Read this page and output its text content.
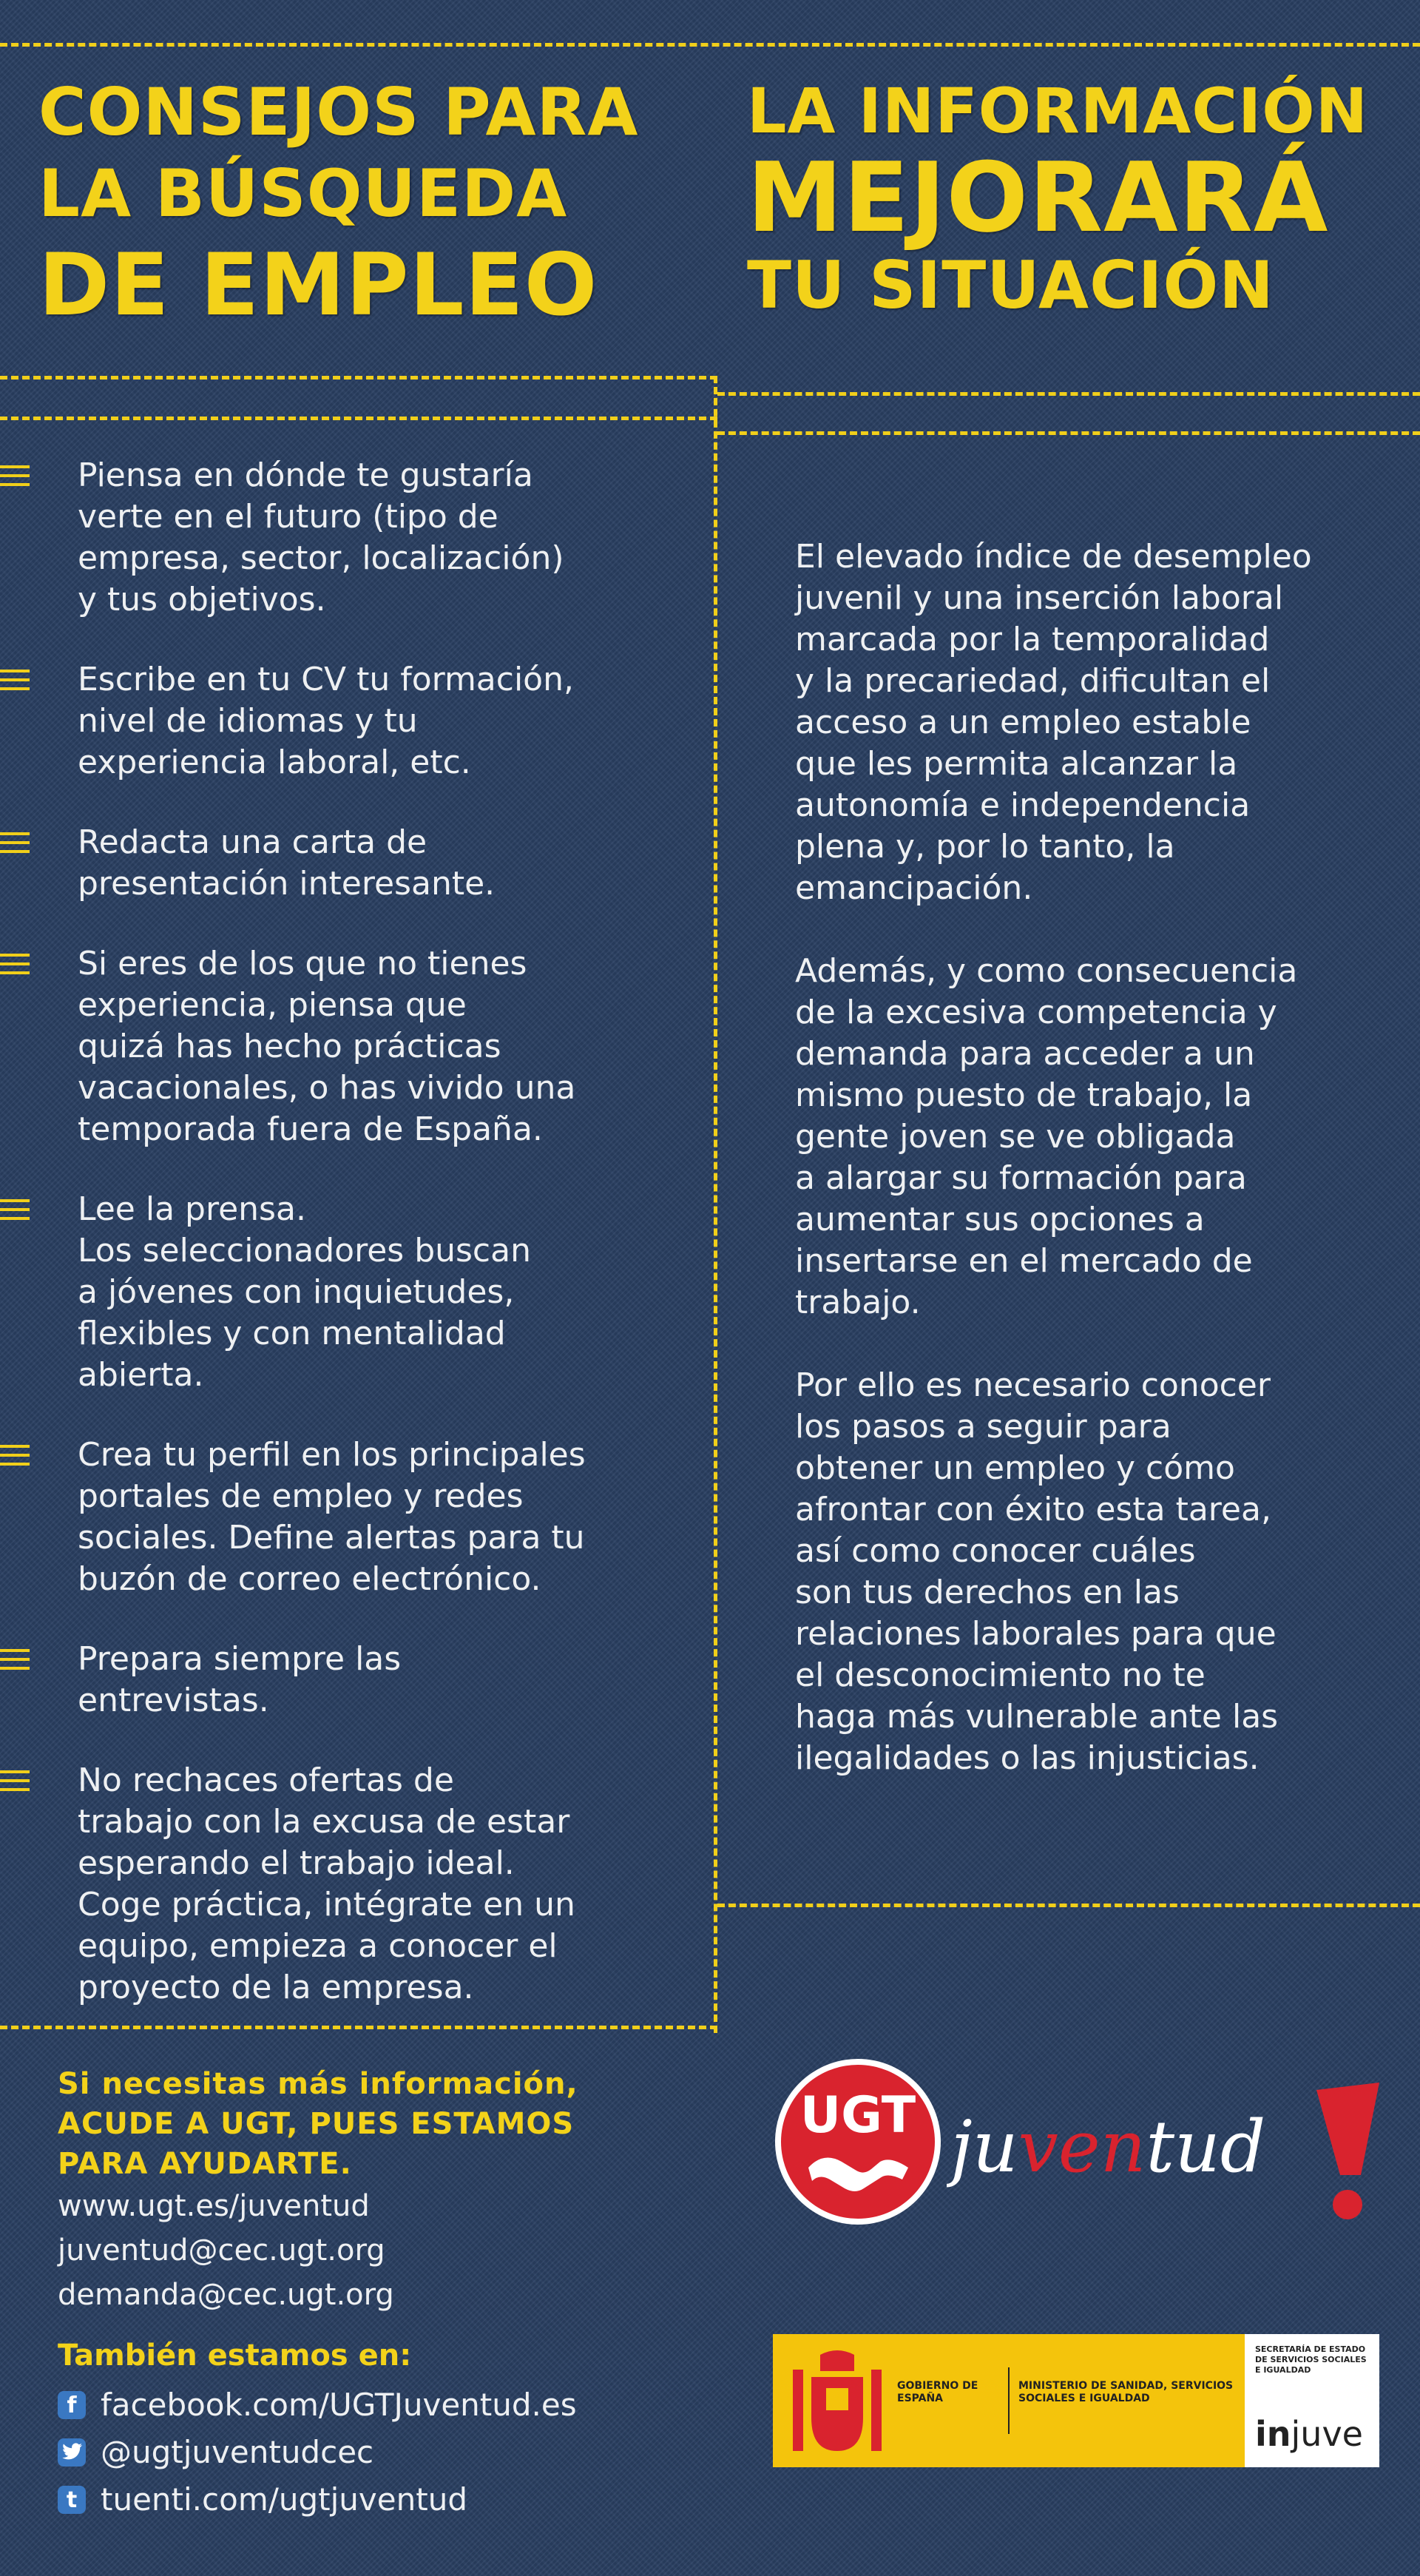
CONSEJOS PARA
LA BÚSQUEDA
DE EMPLEO
LA INFORMACIÓN
MEJORARÁ
TU SITUACIÓN

Piensa en dónde te gustaría
verte en el futuro (tipo de
empresa, sector, localización)
y tus objetivos.

Escribe en tu CV tu formación,
nivel de idiomas y tu
experiencia laboral, etc.

Redacta una carta de
presentación interesante.

Si eres de los que no tienes
experiencia, piensa que
quizá has hecho prácticas
vacacionales, o has vivido una
temporada fuera de España.

Lee la prensa.
Los seleccionadores buscan
a jóvenes con inquietudes,
flexibles y con mentalidad
abierta.

Crea tu perfil en los principales
portales de empleo y redes
sociales. Define alertas para tu
buzón de correo electrónico.

Prepara siempre las
entrevistas.

No rechaces ofertas de
trabajo con la excusa de estar
esperando el trabajo ideal.
Coge práctica, intégrate en un
equipo, empieza a conocer el
proyecto de la empresa.

El elevado índice de desempleo
juvenil y una inserción laboral
marcada por la temporalidad
y la precariedad, dificultan el
acceso a un empleo estable
que les permita alcanzar la
autonomía e independencia
plena y, por lo tanto, la
emancipación.

Además, y como consecuencia
de la excesiva competencia y
demanda para acceder a un
mismo puesto de trabajo, la
gente joven se ve obligada
a alargar su formación para
aumentar sus opciones a
insertarse en el mercado de
trabajo.

Por ello es necesario conocer
los pasos a seguir para
obtener un empleo y cómo
afrontar con éxito esta tarea,
así como conocer cuáles
son tus derechos en las
relaciones laborales para que
el desconocimiento no te
haga más vulnerable ante las
ilegalidades o las injusticias.

Si necesitas más información,

ACUDE A UGT, PUES ESTAMOS

PARA AYUDARTE.

www.ugt.es/juventud

juventud@cec.ugt.org

demanda@cec.ugt.org

También estamos en:

f facebook.com/UGTJuventud.es
@ugtjuventudcec
t tuenti.com/ugtjuventud
UGT juventud
GOBIERNO DE ESPAÑA
MINISTERIO DE SANIDAD, SERVICIOS SOCIALES E IGUALDAD
SECRETARÍA DE ESTADO DE SERVICIOS SOCIALES E IGUALDAD
injuve
